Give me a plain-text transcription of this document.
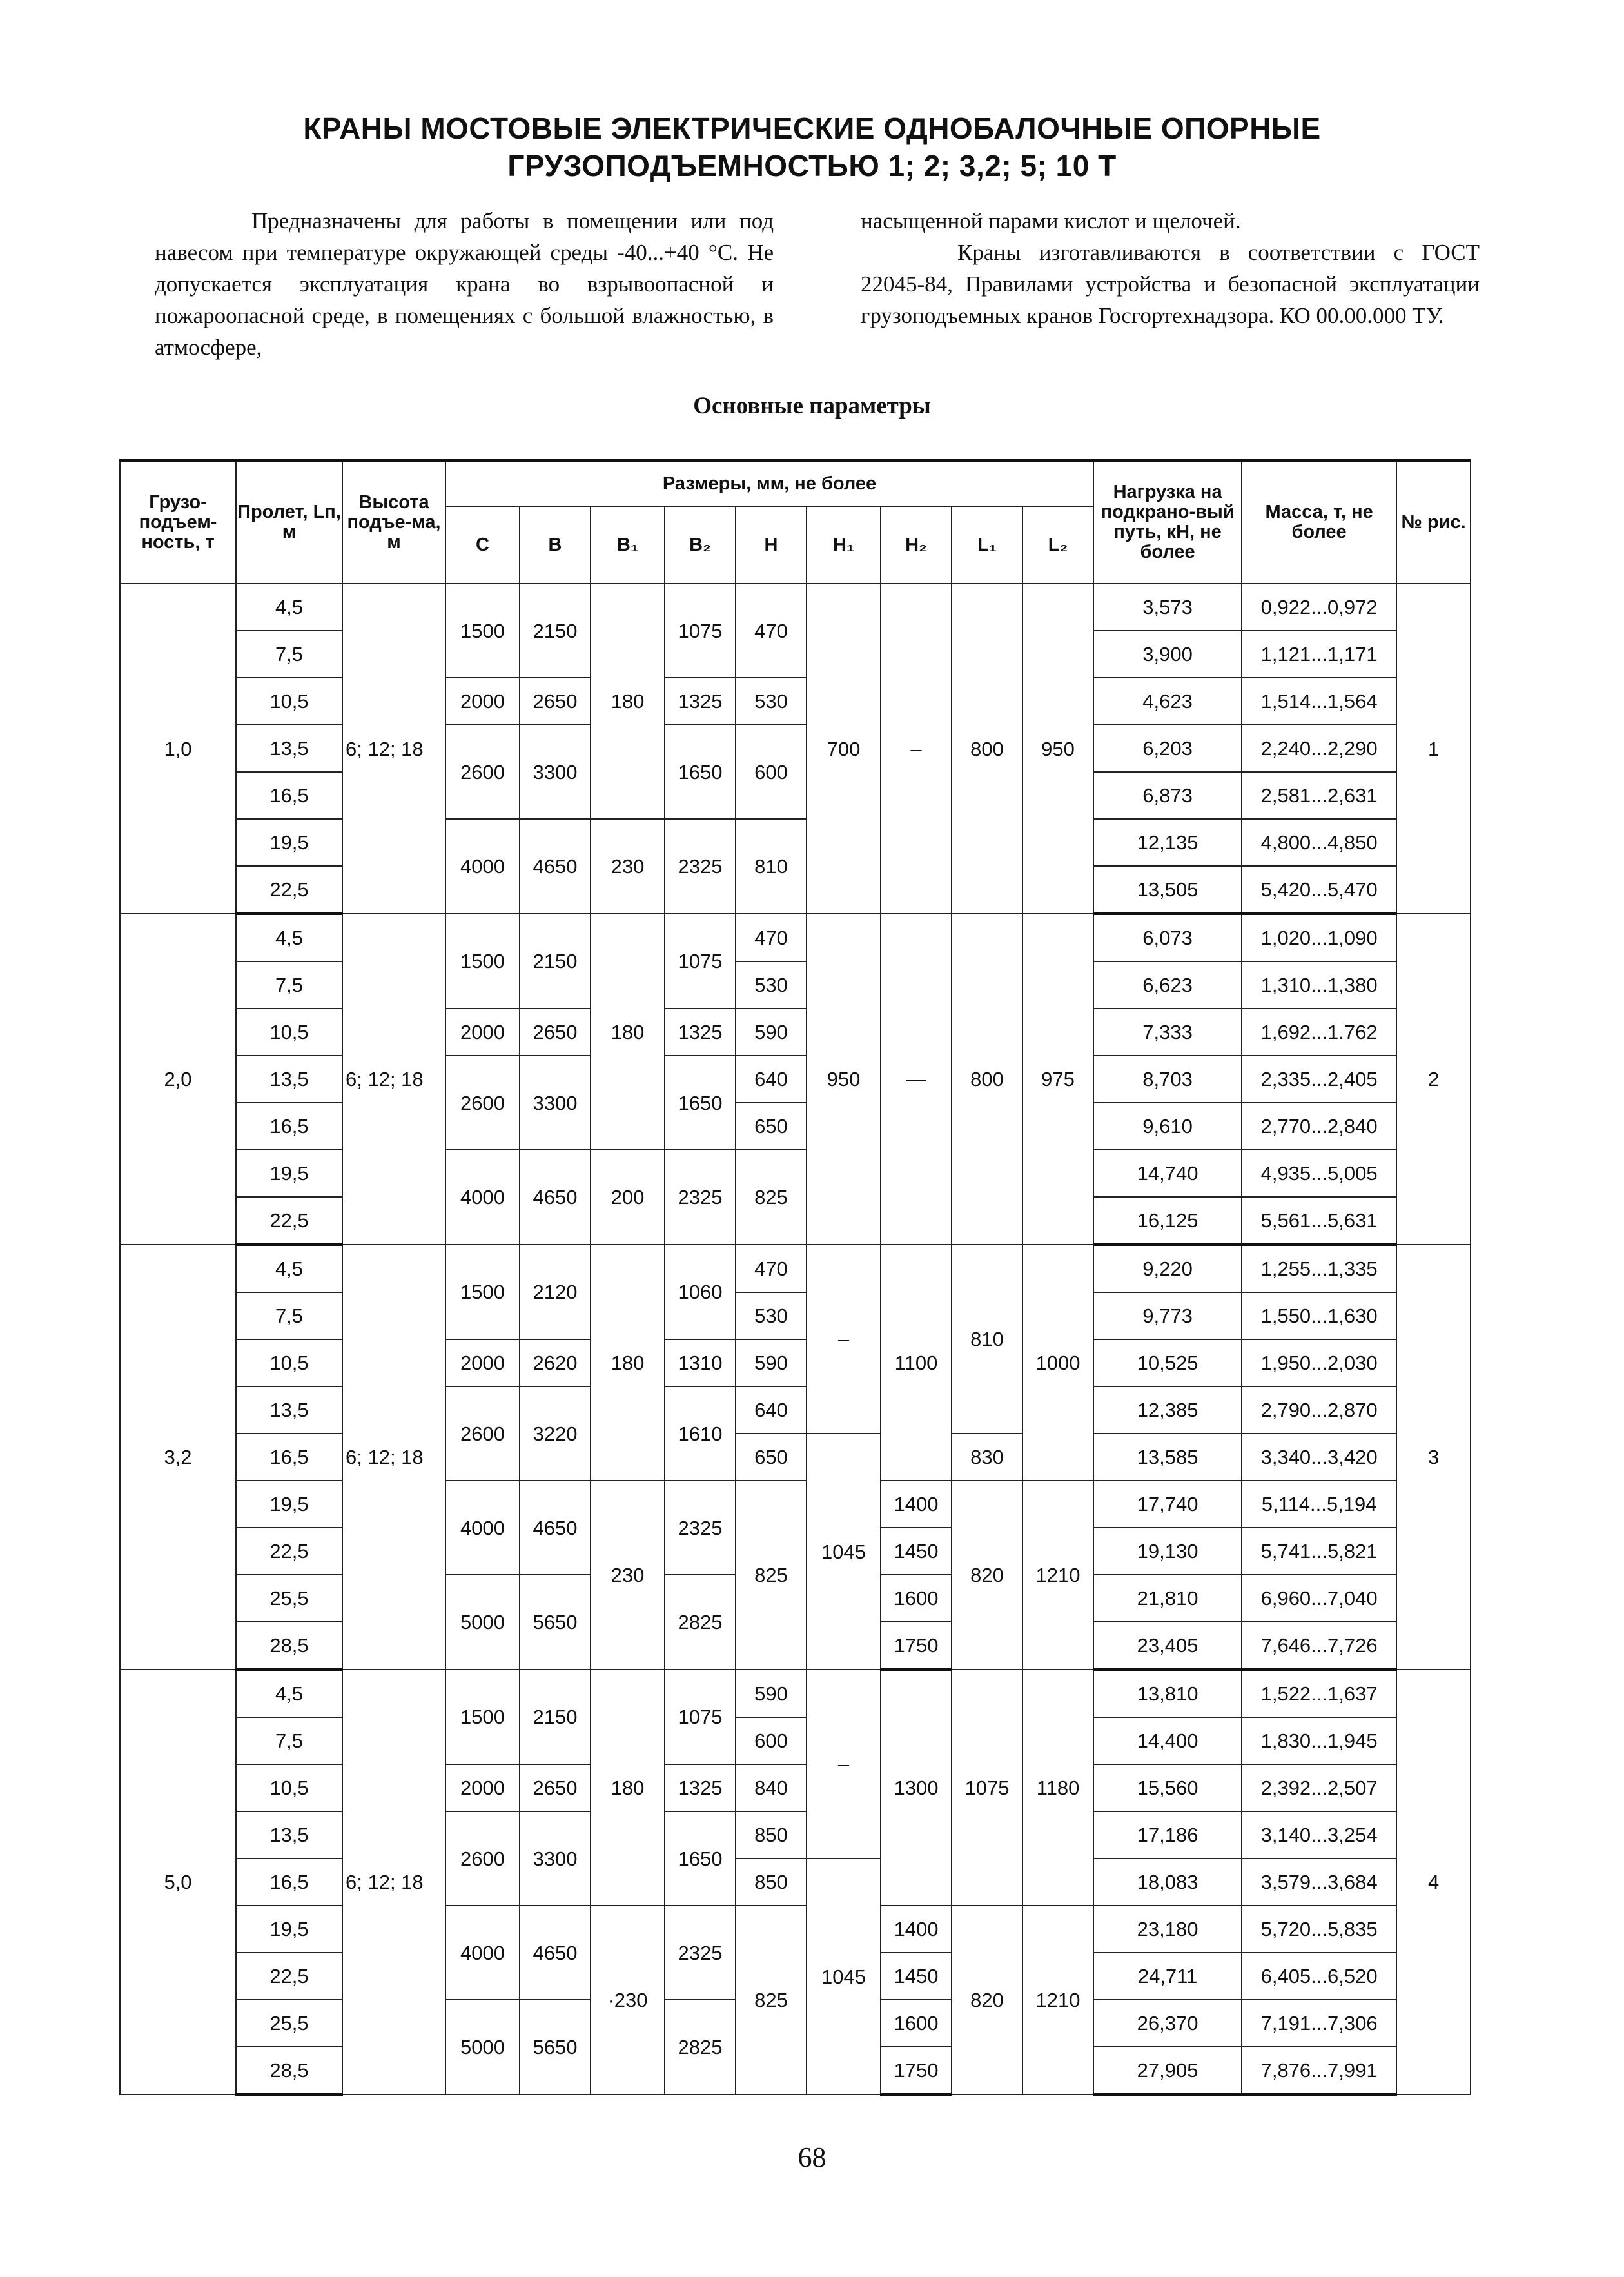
КРАНЫ МОСТОВЫЕ ЭЛЕКТРИЧЕСКИЕ ОДНОБАЛОЧНЫЕ ОПОРНЫЕ
ГРУЗОПОДЪЕМНОСТЬЮ 1; 2; 3,2; 5; 10 Т

Предназначены для работы в помещении или под навесом при температуре окружающей среды -40...+40 °С. Не допускается эксплуатация крана во взрывоопасной и пожароопасной среде, в помещениях с большой влажностью, в атмосфере,

насыщенной парами кислот и щелочей.

Краны изготавливаются в соответствии с ГОСТ 22045-84, Правилами устройства и безопасной эксплуатации грузоподъемных кранов Госгортехнадзора. КО 00.00.000 ТУ.

Основные параметры
Грузо-подъем-ность, т	Пролет, Lп, м	Высота подъе-ма, м	Размеры, мм, не более									Нагрузка на подкрано-вый путь, кН, не более	Масса, т, не более	№ рис.
			С	В	В₁	В₂	Н	Н₁	Н₂	L₁	L₂			
1,0	4,5	6; 12; 18	1500	2150	180	1075	470	700	–	800	950	3,573	0,922...0,972	1
	7,5											3,900	1,121...1,171	
	10,5		2000	2650		1325	530					4,623	1,514...1,564	
	13,5		2600	3300		1650	600					6,203	2,240...2,290	
	16,5											6,873	2,581...2,631	
	19,5		4000	4650	230	2325	810					12,135	4,800...4,850	
	22,5											13,505	5,420...5,470	
2,0	4,5	6; 12; 18	1500	2150	180	1075	470	950	—	800	975	6,073	1,020...1,090	2
	7,5						530					6,623	1,310...1,380	
	10,5		2000	2650		1325	590					7,333	1,692...1.762	
	13,5		2600	3300		1650	640					8,703	2,335...2,405	
	16,5						650					9,610	2,770...2,840	
	19,5		4000	4650	200	2325	825					14,740	4,935...5,005	
	22,5											16,125	5,561...5,631	
3,2	4,5	6; 12; 18	1500	2120	180	1060	470	–	1100	810	1000	9,220	1,255...1,335	3
	7,5						530					9,773	1,550...1,630	
	10,5		2000	2620		1310	590					10,525	1,950...2,030	
	13,5		2600	3220		1610	640					12,385	2,790...2,870	
	16,5						650	1045		830		13,585	3,340...3,420	
	19,5		4000	4650	230	2325	825		1400	820	1210	17,740	5,114...5,194	
	22,5								1450			19,130	5,741...5,821	
	25,5		5000	5650		2825			1600			21,810	6,960...7,040	
	28,5								1750			23,405	7,646...7,726	
5,0	4,5	6; 12; 18	1500	2150	180	1075	590	–	1300	1075	1180	13,810	1,522...1,637	4
	7,5						600					14,400	1,830...1,945	
	10,5		2000	2650		1325	840					15,560	2,392...2,507	
	13,5		2600	3300		1650	850					17,186	3,140...3,254	
	16,5						850	1045				18,083	3,579...3,684	
	19,5		4000	4650	·230	2325	825		1400	820	1210	23,180	5,720...5,835	
	22,5								1450			24,711	6,405...6,520	
	25,5		5000	5650		2825			1600			26,370	7,191...7,306	
	28,5								1750			27,905	7,876...7,991	
68
